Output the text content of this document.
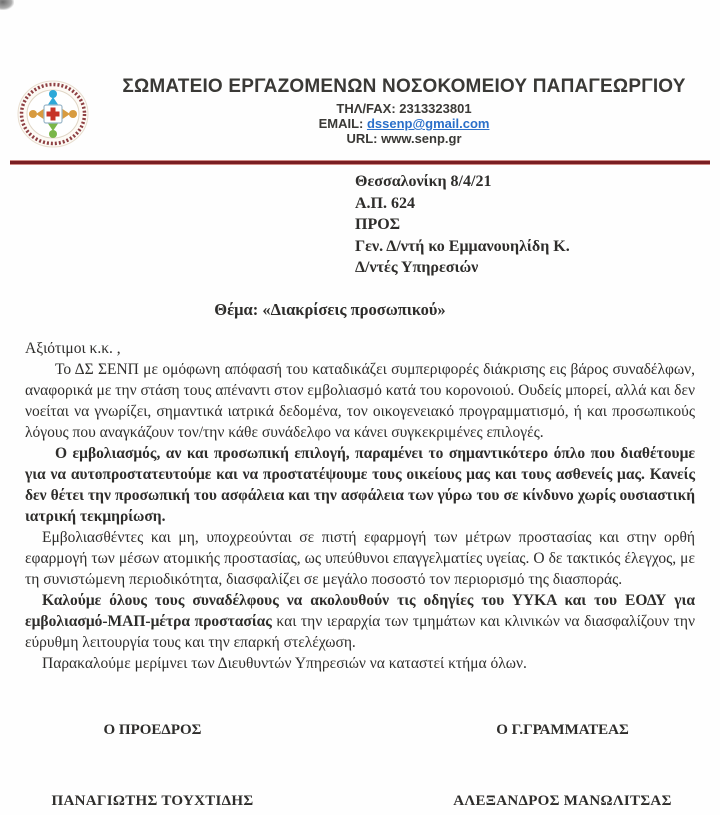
ΣΩΜΑΤΕΙΟ ΕΡΓΑΖΟΜΕΝΩΝ ΝΟΣΟΚΟΜΕΙΟΥ ΠΑΠΑΓΕΩΡΓΙΟΥ
ΤΗΛ/FAX: 2313323801
EMAIL: dssenp@gmail.com
URL: www.senp.gr
Θεσσαλονίκη 8/4/21
Α.Π. 624
ΠΡΟΣ
Γεν. Δ/ντή κο Εμμανουηλίδη Κ.
Δ/ντές Υπηρεσιών
Θέμα: «Διακρίσεις προσωπικού»

Αξιότιμοι κ.κ. ,

Το ΔΣ ΣΕΝΠ με ομόφωνη απόφασή του καταδικάζει συμπεριφορές διάκρισης εις βάρος συναδέλφων, αναφορικά με την στάση τους απέναντι στον εμβολιασμό κατά του κορονοιού. Ουδείς μπορεί, αλλά και δεν νοείται να γνωρίζει, σημαντικά ιατρικά δεδομένα, τον οικογενειακό προγραμματισμό, ή και προσωπικούς λόγους που αναγκάζουν τον/την κάθε συνάδελφο να κάνει συγκεκριμένες επιλογές.

Ο εμβολιασμός, αν και προσωπική επιλογή, παραμένει το σημαντικότερο όπλο που διαθέτουμε για να αυτοπροστατευτούμε και να προστατέψουμε τους οικείους μας και τους ασθενείς μας. Κανείς δεν θέτει την προσωπική του ασφάλεια και την ασφάλεια των γύρω του σε κίνδυνο χωρίς ουσιαστική ιατρική τεκμηρίωση.

Εμβολιασθέντες και μη, υποχρεούνται σε πιστή εφαρμογή των μέτρων προστασίας και στην ορθή εφαρμογή των μέσων ατομικής προστασίας, ως υπεύθυνοι επαγγελματίες υγείας. Ο δε τακτικός έλεγχος, με τη συνιστώμενη περιοδικότητα, διασφαλίζει σε μεγάλο ποσοστό τον περιορισμό της διασποράς.

Καλούμε όλους τους συναδέλφους να ακολουθούν τις οδηγίες του ΥΥΚΑ και του ΕΟΔΥ για εμβολιασμό-ΜΑΠ-μέτρα προστασίας και την ιεραρχία των τμημάτων και κλινικών να διασφαλίζουν την εύρυθμη λειτουργία τους και την επαρκή στελέχωση.

Παρακαλούμε μερίμνει των Διευθυντών Υπηρεσιών να καταστεί κτήμα όλων.

Ο ΠΡΟΕΔΡΟΣ
ΠΑΝΑΓΙΩΤΗΣ ΤΟΥΧΤΙΔΗΣ
Ο Γ.ΓΡΑΜΜΑΤΕΑΣ
ΑΛΕΞΑΝΔΡΟΣ ΜΑΝΩΛΙΤΣΑΣ
